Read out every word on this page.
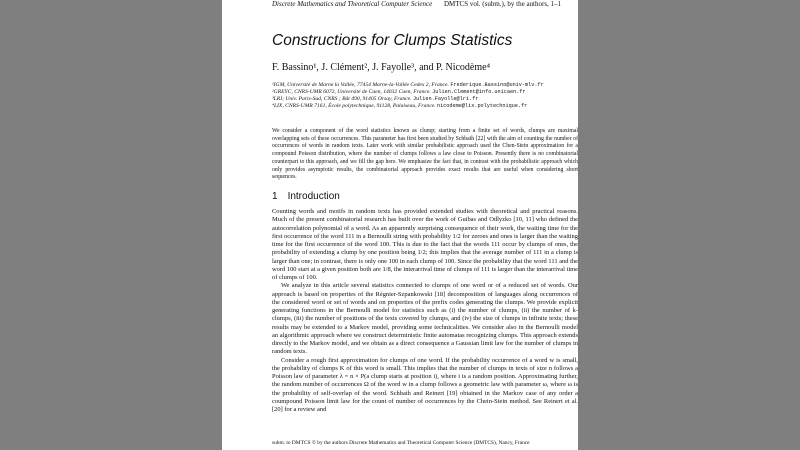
Discrete Mathematics and Theoretical Computer Science DMTCS vol. (subm.), by the authors, 1–1
Constructions for Clumps Statistics
F. Bassino¹, J. Clément², J. Fayolle³, and P. Nicodème⁴
¹IGM, Université de Marne la Vallée, 77454 Marne-la-Vallée Cedex 2, France. Frederique.Bassino@univ-mlv.fr
²GREYC, CNRS-UMR 6072, Université de Caen, 14032 Caen, France. Julien.Clement@info.unicaen.fr
³LRI; Univ. Paris-Sud, CNRS ; Bât 490, 91405 Orsay, France. Julien.Fayolle@lri.fr
⁴LIX, CNRS-UMR 7161, École polytechnique, 91128, Palaiseau, France. nicodeme@lix.polytechnique.fr
We consider a component of the word statistics known as clump; starting from a finite set of words, clumps are maximal overlapping sets of these occurrences. This parameter has first been studied by Schbath [22] with the aim of counting the number of occurrences of words in random texts. Later work with similar probabilistic approach used the Chen-Stein approximation for a compound Poisson distribution, where the number of clumps follows a law close to Poisson. Presently there is no combinatorial counterpart to this approach, and we fill the gap here. We emphasize the fact that, in contrast with the probabilistic approach which only provides asymptotic results, the combinatorial approach provides exact results that are useful when considering short sequences.
1 Introduction

Counting words and motifs in random texts has provided extended studies with theoretical and practical reasons. Much of the present combinatorial research has built over the work of Guibas and Odlyzko [10, 11] who defined the autocorrelation polynomial of a word. As an apparently surprising consequence of their work, the waiting time for the first occurrence of the word 111 in a Bernoulli string with probability 1/2 for zeroes and ones is larger than the waiting time for the first occurrence of the word 100. This is due to the fact that the words 111 occur by clumps of ones, the probability of extending a clump by one position being 1/2; this implies that the average number of 111 in a clump is larger than one; in contrast, there is only one 100 in each clump of 100. Since the probability that the word 111 and the word 100 start at a given position both are 1/8, the interarrival time of clumps of 111 is larger than the interarrival time of clumps of 100.

We analyze in this article several statistics connected to clumps of one word or of a reduced set of words. Our approach is based on properties of the Régnier-Szpankowski [18] decomposition of languages along occurrences of the considered word or set of words and on properties of the prefix codes generating the clumps. We provide explicit generating functions in the Bernoulli model for statistics such as (i) the number of clumps, (ii) the number of k-clumps, (iii) the number of positions of the texts covered by clumps, and (iv) the size of clumps in infinite texts; these results may be extended to a Markov model, providing some technicalities. We consider also in the Bernoulli model an algorithmic approach where we construct deterministic finite automatas recognizing clumps. This approach extends directly to the Markov model, and we obtain as a direct consequence a Gaussian limit law for the number of clumps in random texts.

Consider a rough first approximation for clumps of one word. If the probability occurrence of a word w is small, the probability of clumps K of this word is small. This implies that the number of clumps in texts of size n follows a Poisson law of parameter λ = n × P(a clump starts at position i), where i is a random position. Approximating further, the random number of occurrences Ω of the word w in a clump follows a geometric law with parameter ω, where ω is the probability of self-overlap of the word. Schbath and Reinert [19] obtained in the Markov case of any order a coumpound Poisson limit law for the count of number of occurrences by the Chein-Stein method. See Reinert et al. [20] for a review and

subm. to DMTCS © by the authors Discrete Mathematics and Theoretical Computer Science (DMTCS), Nancy, France
